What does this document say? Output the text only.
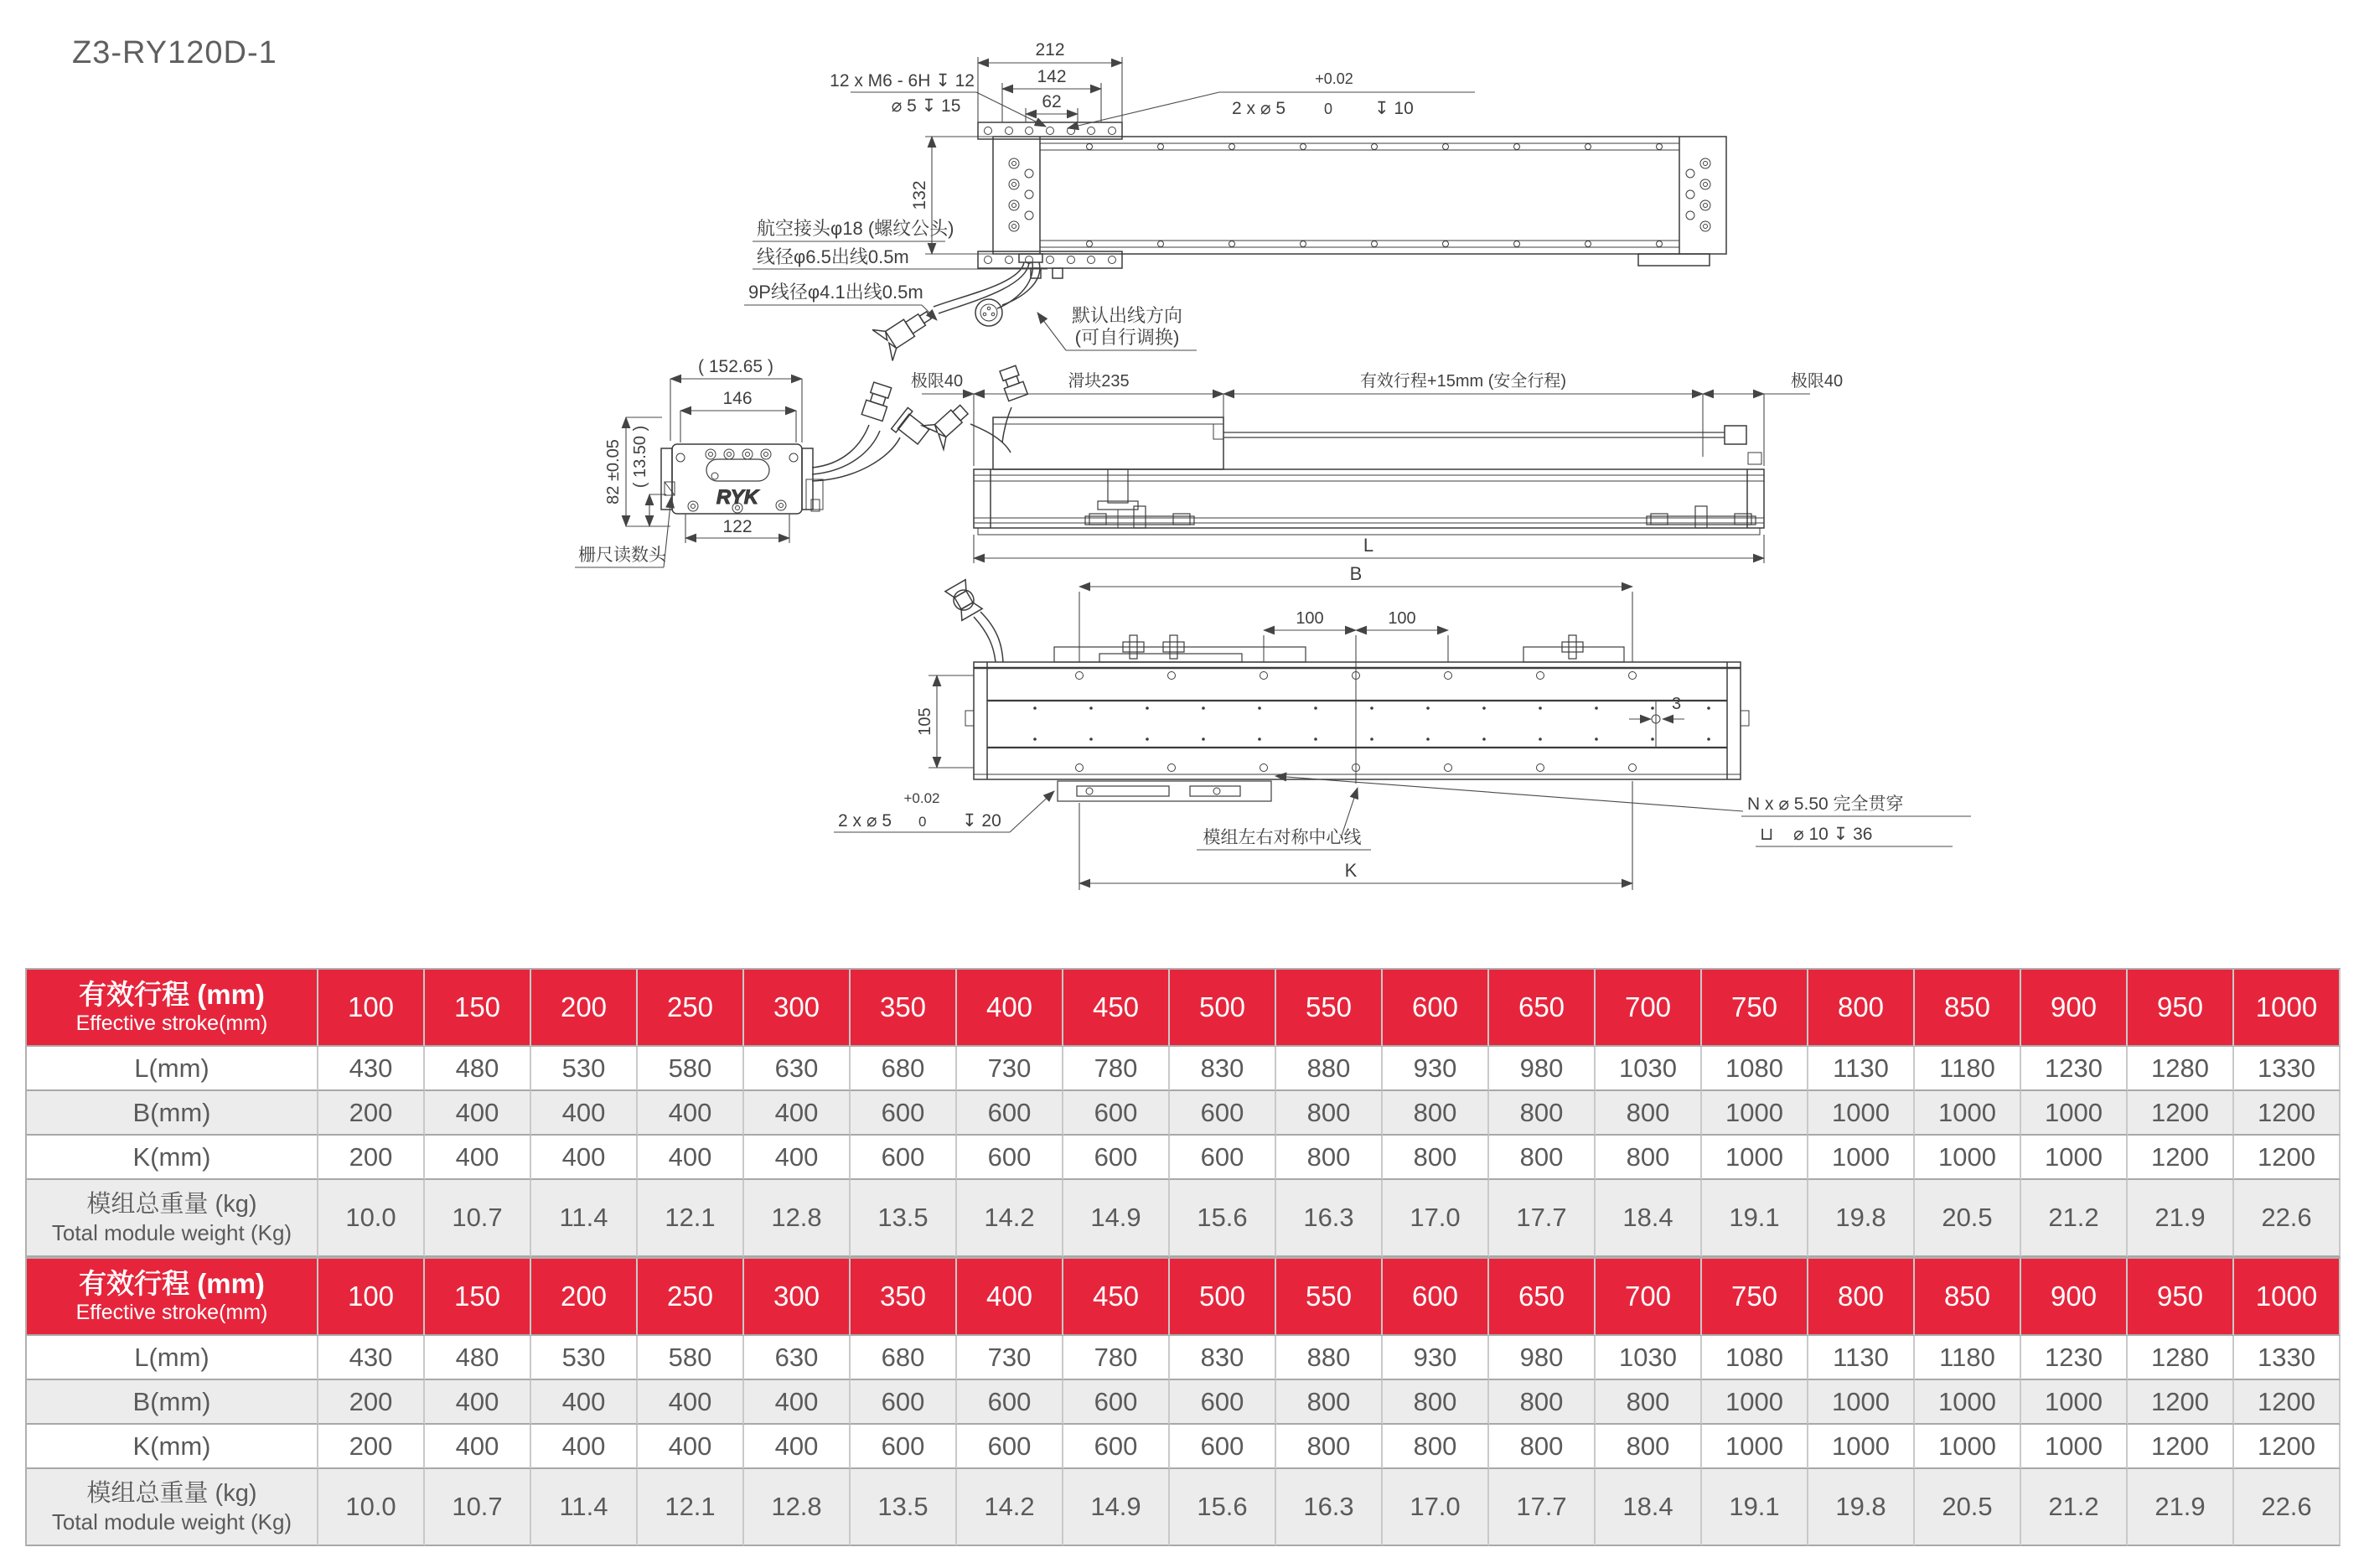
Z3-RY120D-1	212
142
62
12 x M6 - 6H ↧ 12
⌀ 5 ↧ 15
+0.02
2 x ⌀ 5	0 ↧ 10
132
航空接头φ18 (螺纹公头)
线径φ6.5出线0.5m
9P线径φ4.1出线0.5m
默认出线方向
(可自行调换)
( 152.65 )
146
RYK
122
82 ±0.05 ( 13.50 )
栅尺读数头
极限40	滑块235	有效行程+15mm (安全行程)	极限40
L
B
100	100
105
3
+0.02
2 x ⌀ 5 0 ↧ 20
模组左右对称中心线
N x ⌀ 5.50 完全贯穿
⊔ ⌀ 10 ↧ 36
K
有效行程 (mm)
Effective stroke(mm)
100 150 200 250 300 350 400 450 500 550 600 650 700 750 800 850 900 950 1000
L(mm)	430 480 530 580 630 680 730 780 830 880 930 980 1030 1080 1130 1180 1230 1280 1330
B(mm)	200 400 400 400 400 600 600 600 600 800 800 800 800 1000 1000 1000 1000 1200 1200
K(mm)	200 400 400 400 400 600 600 600 600 800 800 800 800 1000 1000 1000 1000 1200 1200
模组总重量 (kg)
Total module weight (Kg)
10.0 10.7 11.4 12.1 12.8 13.5 14.2 14.9 15.6 16.3 17.0 17.7 18.4 19.1 19.8 20.5 21.2 21.9 22.6
有效行程 (mm)
Effective stroke(mm)
100 150 200 250 300 350 400 450 500 550 600 650 700 750 800 850 900 950 1000
L(mm)	430 480 530 580 630 680 730 780 830 880 930 980 1030 1080 1130 1180 1230 1280 1330
B(mm)	200 400 400 400 400 600 600 600 600 800 800 800 800 1000 1000 1000 1000 1200 1200
K(mm)	200 400 400 400 400 600 600 600 600 800 800 800 800 1000 1000 1000 1000 1200 1200
模组总重量 (kg)
Total module weight (Kg)
10.0 10.7 11.4 12.1 12.8 13.5 14.2 14.9 15.6 16.3 17.0 17.7 18.4 19.1 19.8 20.5 21.2 21.9 22.6
